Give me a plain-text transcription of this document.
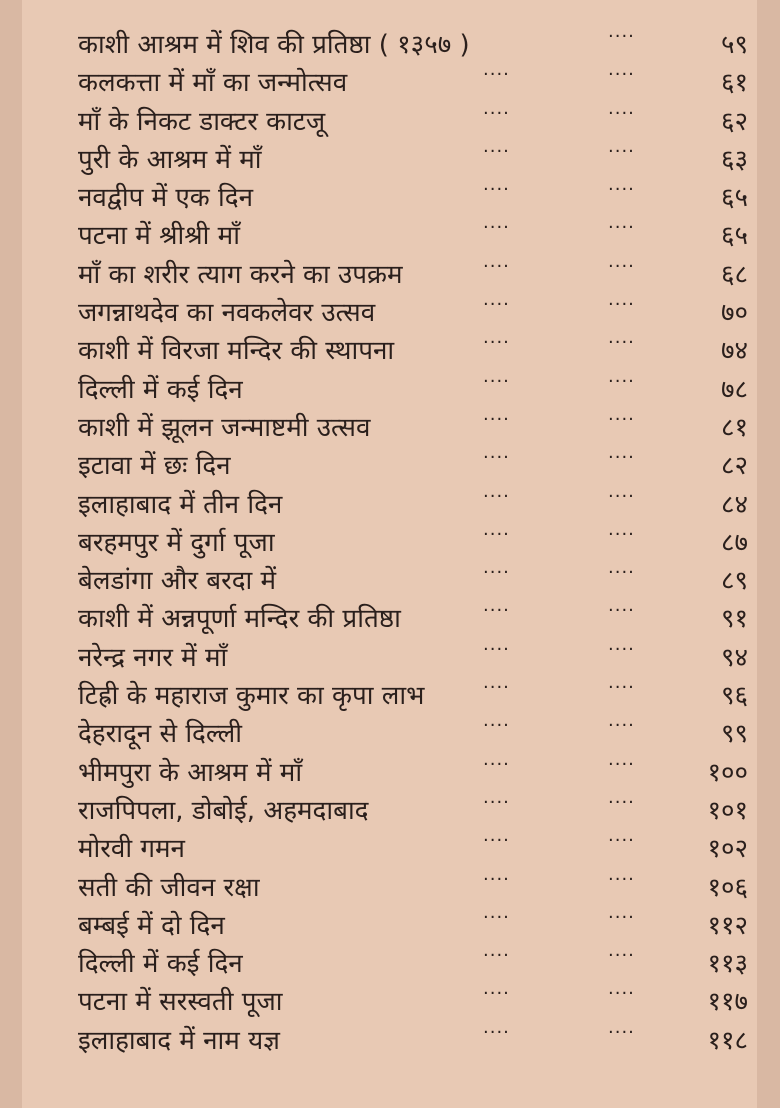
काशी आश्रम में शिव की प्रतिष्ठा ( १३५७ )	····	५९
कलकत्ता में माँ का जन्मोत्सव	····	····	६१
माँ के निकट डाक्टर काटजू	····	····	६२
पुरी के आश्रम में माँ	····	····	६३
नवद्वीप में एक दिन	····	····	६५
पटना में श्रीश्री माँ	····	····	६५
माँ का शरीर त्याग करने का उपक्रम	····	····	६८
जगन्नाथदेव का नवकलेवर उत्सव	····	····	७०
काशी में विरजा मन्दिर की स्थापना	····	····	७४
दिल्ली में कई दिन	····	····	७८
काशी में झूलन जन्माष्टमी उत्सव	····	····	८१
इटावा में छः दिन	····	····	८२
इलाहाबाद में तीन दिन	····	····	८४
बरहमपुर में दुर्गा पूजा	····	····	८७
बेलडांगा और बरदा में	····	····	८९
काशी में अन्नपूर्णा मन्दिर की प्रतिष्ठा	····	····	९१
नरेन्द्र नगर में माँ	····	····	९४
टिह्री के महाराज कुमार का कृपा लाभ	····	····	९६
देहरादून से दिल्ली	····	····	९९
भीमपुरा के आश्रम में माँ	····	····	१००
राजपिपला, डोबोई, अहमदाबाद	····	····	१०१
मोरवी गमन	····	····	१०२
सती की जीवन रक्षा	····	····	१०६
बम्बई में दो दिन	····	····	११२
दिल्ली में कई दिन	····	····	११३
पटना में सरस्वती पूजा	····	····	११७
इलाहाबाद में नाम यज्ञ	····	····	११८
